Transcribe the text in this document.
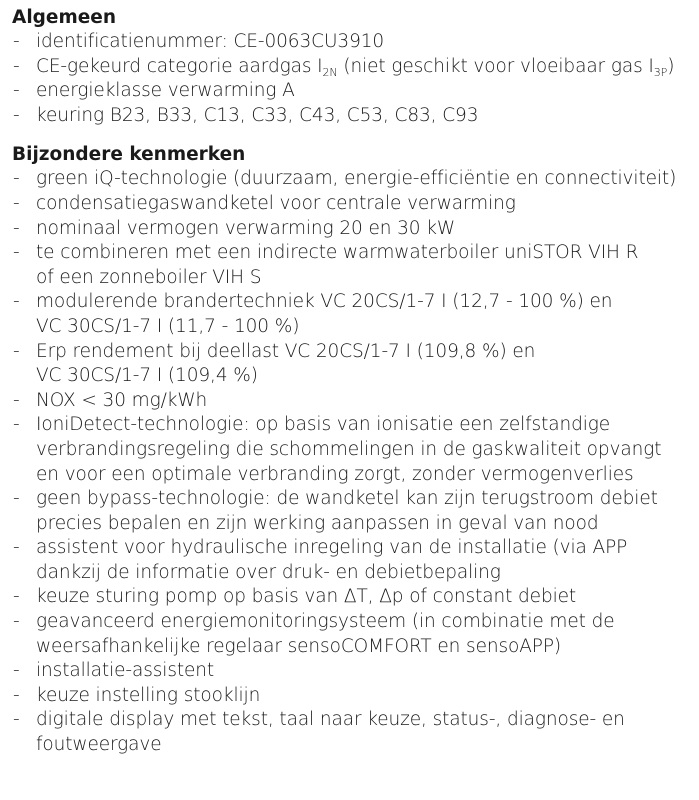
Algemeen
- identificatienummer: CE-0063CU3910
- CE-gekeurd categorie aardgas $I_{2N}$ (niet geschikt voor vloeibaar gas $I_{3P}$)
- energieklasse verwarming A
- keuring B23, B33, C13, C33, C43, C53, C83, C93
Bijzondere kenmerken
- green iQ-technologie (duurzaam, energie-efficiëntie en connectiviteit)
- condensatiegaswandketel voor centrale verwarming
- nominaal vermogen verwarming 20 en 30 kW
- te combineren met een indirecte warmwaterboiler uniSTOR VIH R
of een zonneboiler VIH S
- modulerende brandertechniek VC 20CS/1-7 I (12,7 - 100 %) en
VC 30CS/1-7 I (11,7 - 100 %)
- Erp rendement bij deellast VC 20CS/1-7 I (109,8 %) en
VC 30CS/1-7 I (109,4 %)
- NOX < 30 mg/kWh
- IoniDetect-technologie: op basis van ionisatie een zelfstandige
verbrandingsregeling die schommelingen in de gaskwaliteit opvangt
en voor een optimale verbranding zorgt, zonder vermogenverlies
- geen bypass-technologie: de wandketel kan zijn terugstroom debiet
precies bepalen en zijn werking aanpassen in geval van nood
- assistent voor hydraulische inregeling van de installatie (via APP
dankzij de informatie over druk- en debietbepaling
- keuze sturing pomp op basis van ΔT, Δp of constant debiet
- geavanceerd energiemonitoringsysteem (in combinatie met de
weersafhankelijke regelaar sensoCOMFORT en sensoAPP)
- installatie-assistent
- keuze instelling stooklijn
- digitale display met tekst, taal naar keuze, status-, diagnose- en
foutweergave
